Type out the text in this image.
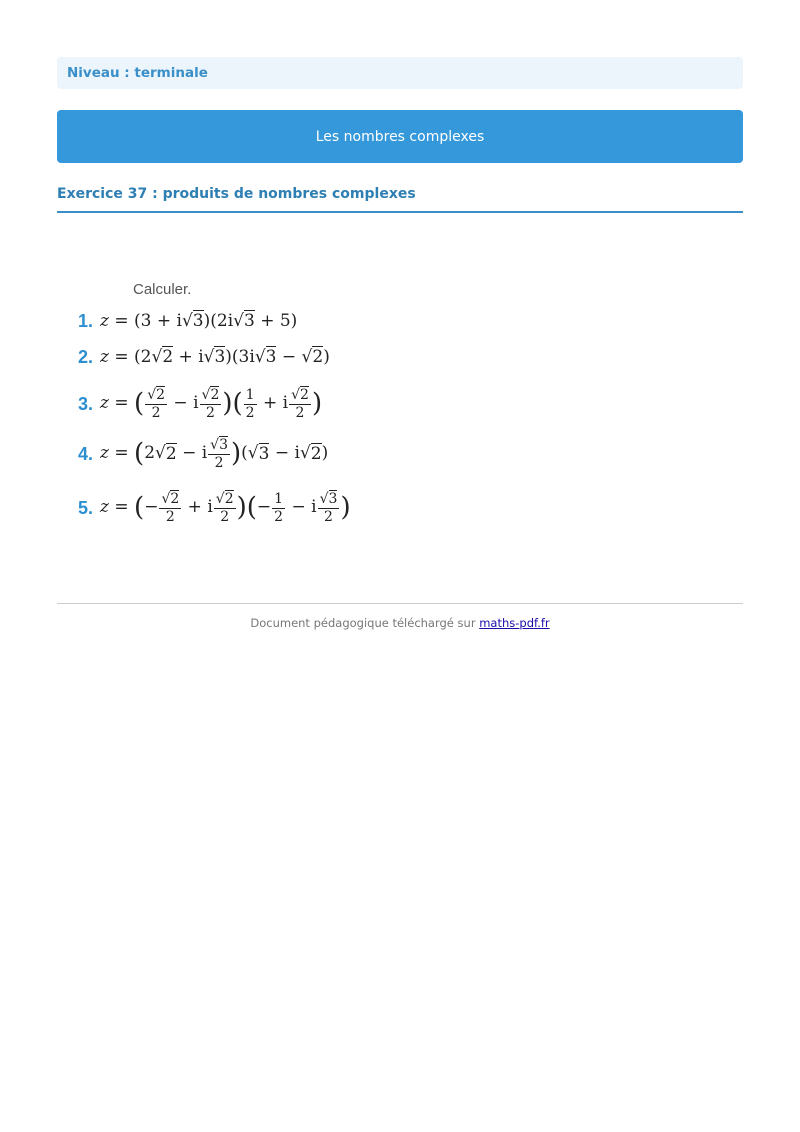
Niveau : terminale
Les nombres complexes
Exercice 37 : produits de nombres complexes
Calculer.
1. z = (3 + i√3)(2i√3 + 5)
2. z = (2√2 + i√3)(3i√3 − √2)
3. z = ( $\frac{√2}{2} - i \frac{√2}{2}$ )( $\frac{1}{2} + i \frac{√2}{2}$ )
4. z = (2√2 − i $\frac{√3}{2} )(√3 - i√2)$
5. z = (− $\frac{√2}{2} + i \frac{√2}{2}$ )(− $\frac{1}{2} - i \frac{√3}{2}$ )
Document pédagogique téléchargé sur maths-pdf.fr
